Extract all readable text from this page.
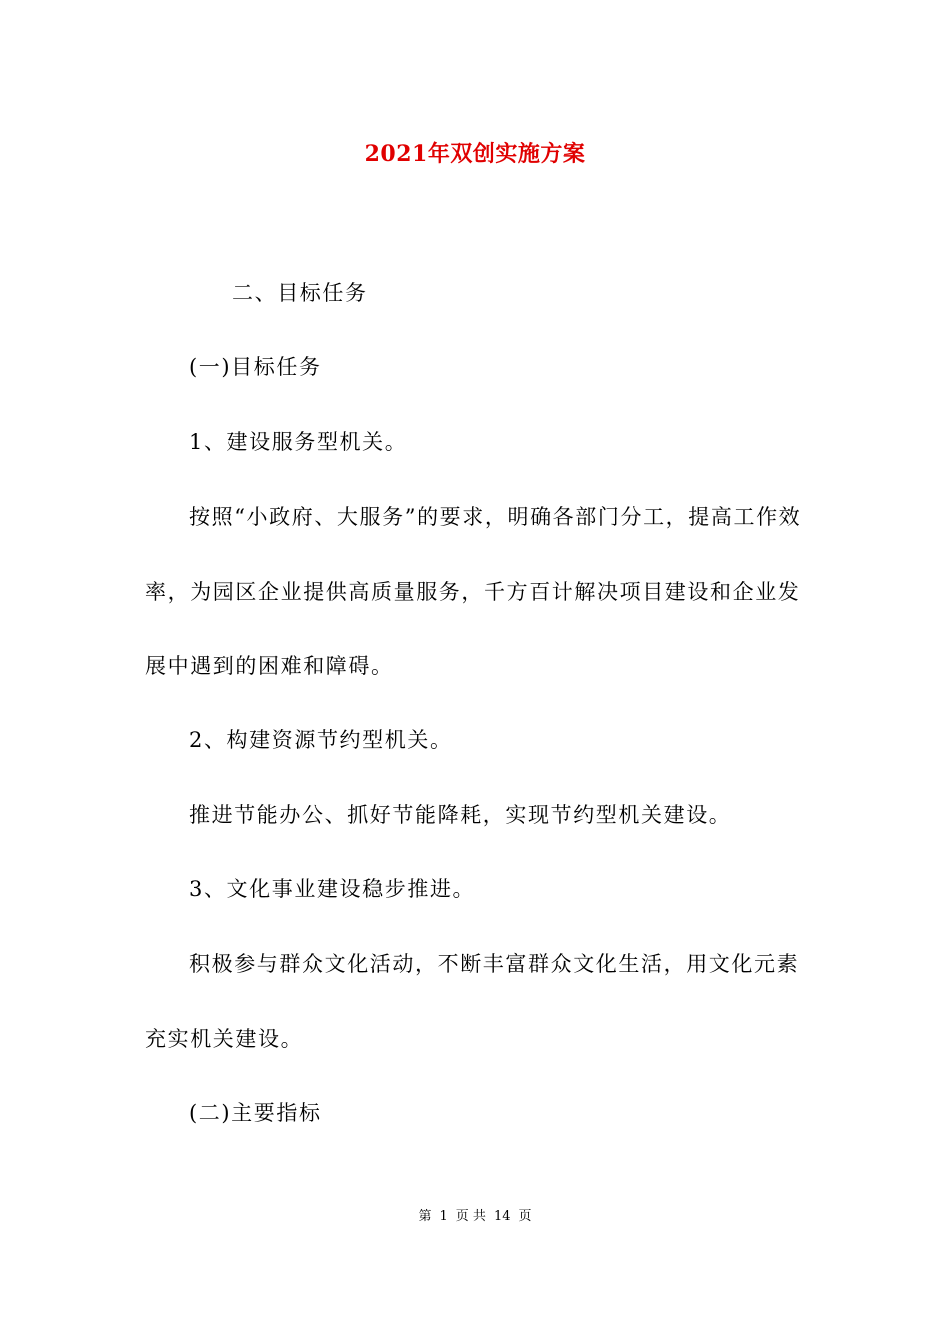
2021年双创实施方案
二、目标任务
(一)目标任务
1、建设服务型机关。
按照“小政府、大服务”的要求，明确各部门分工，提高工作效率，为园区企业提供高质量服务，千方百计解决项目建设和企业发展中遇到的困难和障碍。
2、构建资源节约型机关。
推进节能办公、抓好节能降耗，实现节约型机关建设。
3、文化事业建设稳步推进。
积极参与群众文化活动，不断丰富群众文化生活，用文化元素充实机关建设。
(二)主要指标
第 1 页 共 14 页
